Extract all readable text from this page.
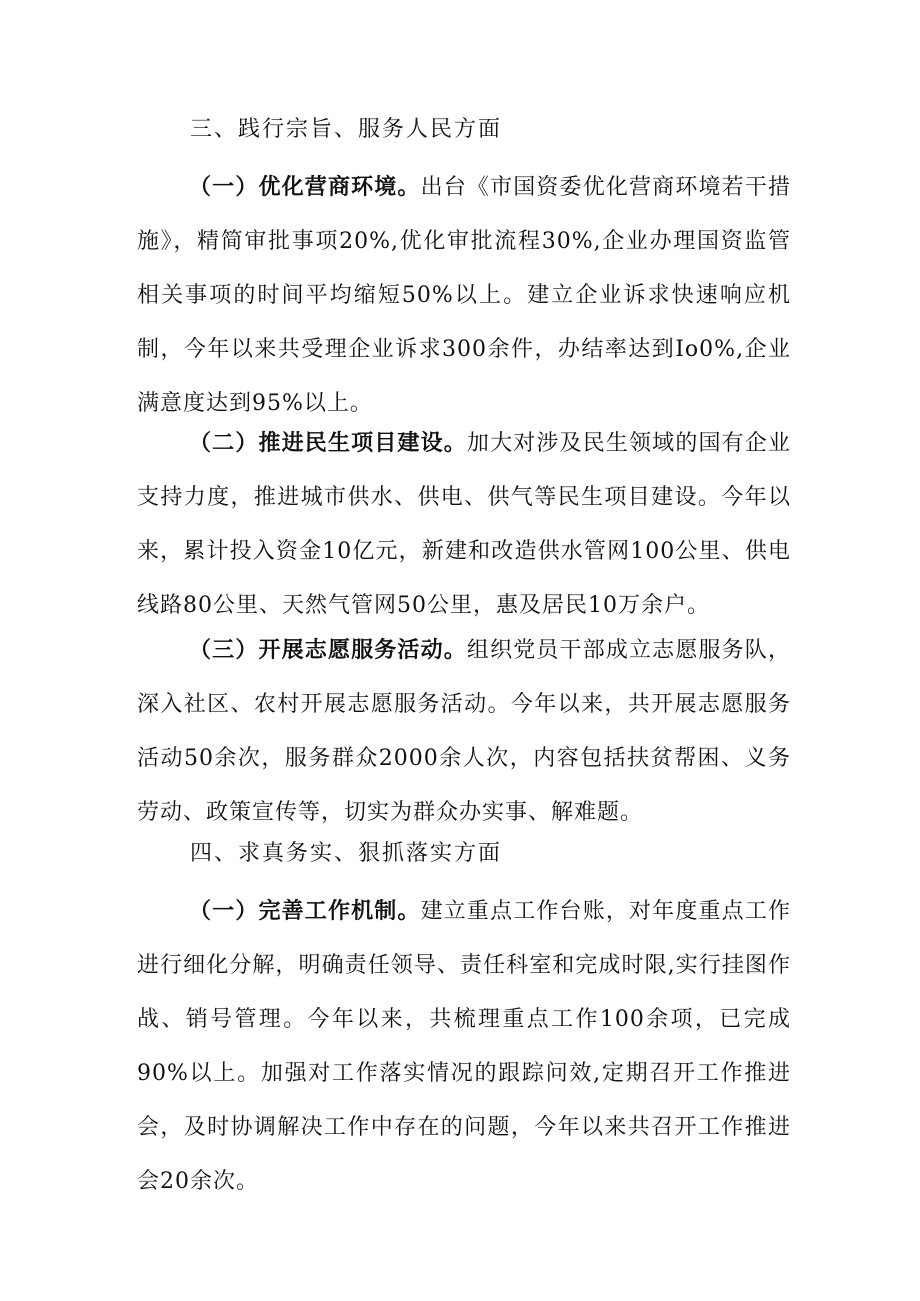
三、践行宗旨、服务人民方面

（一）优化营商环境。出台《市国资委优化营商环境若干措施》，精简审批事项20%,优化审批流程30%,企业办理国资监管相关事项的时间平均缩短50%以上。建立企业诉求快速响应机制，今年以来共受理企业诉求300余件，办结率达到Io0%,企业满意度达到95%以上。

（二）推进民生项目建设。加大对涉及民生领域的国有企业支持力度，推进城市供水、供电、供气等民生项目建设。今年以来，累计投入资金10亿元，新建和改造供水管网100公里、供电线路80公里、天然气管网50公里，惠及居民10万余户。

（三）开展志愿服务活动。组织党员干部成立志愿服务队，深入社区、农村开展志愿服务活动。今年以来，共开展志愿服务活动50余次，服务群众2000余人次，内容包括扶贫帮困、义务劳动、政策宣传等，切实为群众办实事、解难题。

四、求真务实、狠抓落实方面

（一）完善工作机制。建立重点工作台账，对年度重点工作进行细化分解，明确责任领导、责任科室和完成时限,实行挂图作战、销号管理。今年以来，共梳理重点工作100余项，已完成90%以上。加强对工作落实情况的跟踪问效,定期召开工作推进会，及时协调解决工作中存在的问题，今年以来共召开工作推进会20余次。
